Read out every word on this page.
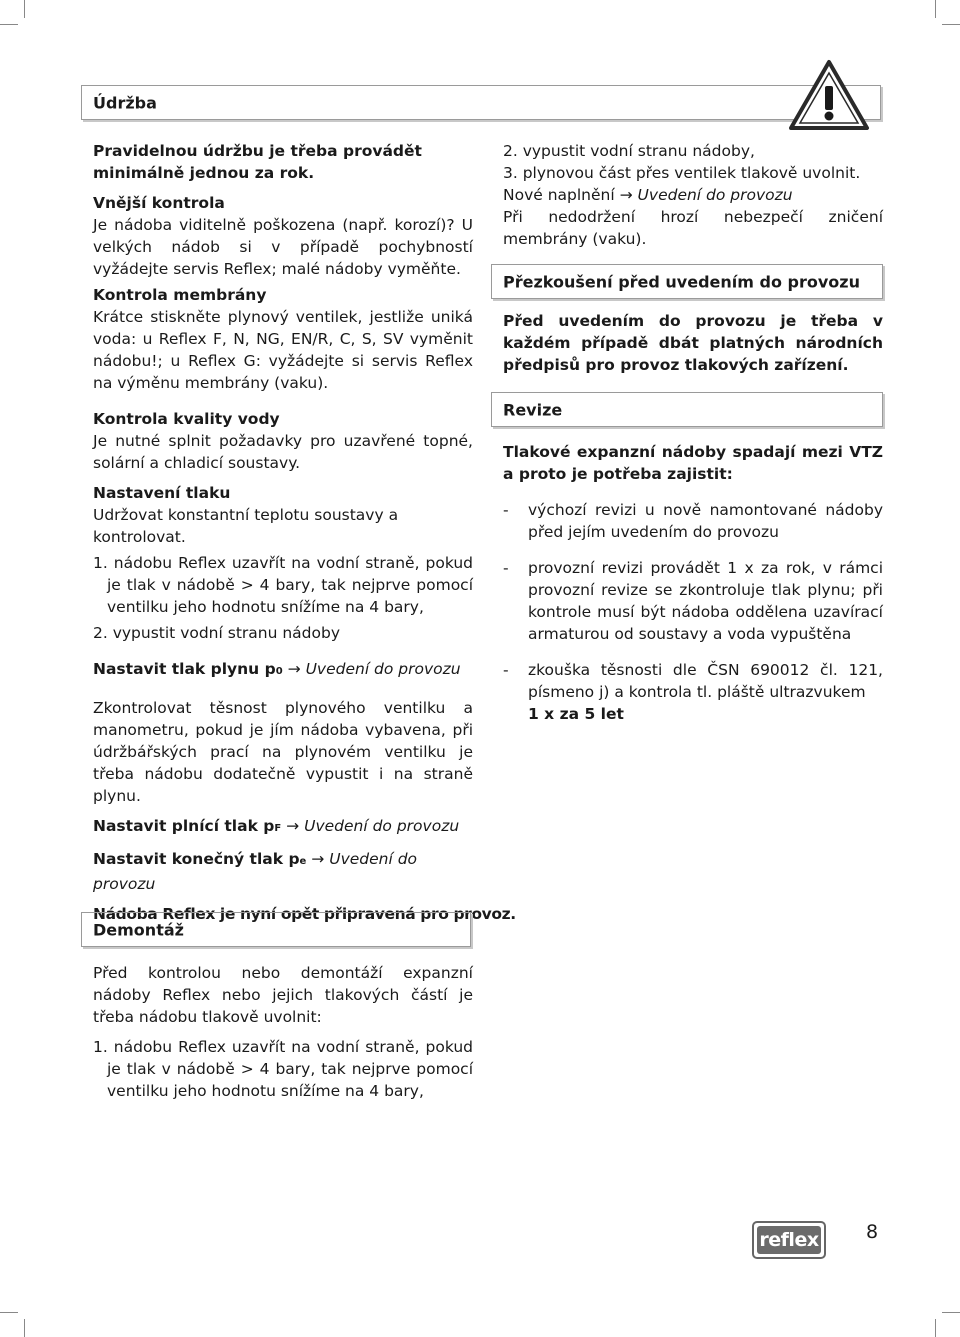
Údržba

Pravidelnou údržbu je třeba provádět minimálně jednou za rok.

Vnější kontrola

Je nádoba viditelně poškozena (např. korozí)? U velkých nádob si v případě pochybností vyžádejte servis Reflex; malé nádoby vyměňte.

Kontrola membrány

Krátce stiskněte plynový ventilek, jestliže uniká voda: u Reflex F, N, NG, EN/R, C, S, SV vyměnit nádobu!; u Reflex G: vyžádejte si servis Reflex na výměnu membrány (vaku).

Kontrola kvality vody

Je nutné splnit požadavky pro uzavřené topné, solární a chladicí soustavy.

Nastavení tlaku

Udržovat konstantní teplotu soustavy a kontrolovat.

1. nádobu Reflex uzavřít na vodní straně, pokud je tlak v nádobě > 4 bary, tak nejprve pomocí ventilku jeho hodnotu snížíme na 4 bary,

2. vypustit vodní stranu nádoby

Nastavit tlak plynu p0 → Uvedení do provozu

Zkontrolovat těsnost plynového ventilku a manometru, pokud je jím nádoba vybavena, při údržbářských prací na plynovém ventilku je třeba nádobu dodatečně vypustit i na straně plynu.

Nastavit plnící tlak pF → Uvedení do provozu

Nastavit konečný tlak pe → Uvedení do provozu

Nádoba Reflex je nyní opět připravená pro provoz.

Demontáž

Před kontrolou nebo demontáží expanzní nádoby Reflex nebo jejich tlakových částí je třeba nádobu tlakově uvolnit:

1. nádobu Reflex uzavřít na vodní straně, pokud je tlak v nádobě > 4 bary, tak nejprve pomocí ventilku jeho hodnotu snížíme na 4 bary,

2. vypustit vodní stranu nádoby,

3. plynovou část přes ventilek tlakově uvolnit.

Nové naplnění → Uvedení do provozu

Při nedodržení hrozí nebezpečí zničení membrány (vaku).

Přezkoušení před uvedením do provozu

Před uvedením do provozu je třeba v každém případě dbát platných národních předpisů pro provoz tlakových zařízení.

Revize

Tlakové expanzní nádoby spadají mezi VTZ a proto je potřeba zajistit:

- výchozí revizi u nově namontované nádoby před jejím uvedením do provozu

- provozní revizi provádět 1 x za rok, v rámci provozní revize se zkontroluje tlak plynu; při kontrole musí být nádoba oddělena uzavírací armaturou od soustavy a voda vypuštěna

- zkouška těsnosti dle ČSN 690012 čl. 121, písmeno j) a kontrola tl. pláště ultrazvukem

1 x za 5 let

reflex 8
